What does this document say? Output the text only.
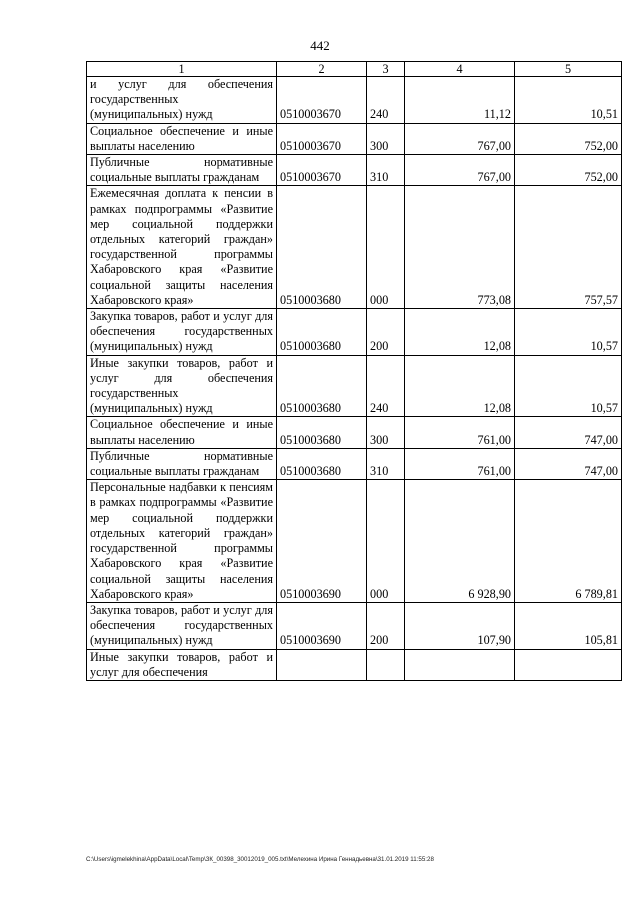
442
1	2	3	4	5
и услуг для обеспечения государственных (муниципальных) нужд	0510003670	240	11,12	10,51
Социальное обеспечение и иные выплаты населению	0510003670	300	767,00	752,00
Публичные нормативные социальные выплаты гражданам	0510003670	310	767,00	752,00
Ежемесячная доплата к пенсии в рамках подпрограммы «Развитие мер социальной поддержки отдельных категорий граждан» государственной программы Хабаровского края «Развитие социальной защиты населения Хабаровского края»	0510003680	000	773,08	757,57
Закупка товаров, работ и услуг для обеспечения государственных (муниципальных) нужд	0510003680	200	12,08	10,57
Иные закупки товаров, работ и услуг для обеспечения государственных (муниципальных) нужд	0510003680	240	12,08	10,57
Социальное обеспечение и иные выплаты населению	0510003680	300	761,00	747,00
Публичные нормативные социальные выплаты гражданам	0510003680	310	761,00	747,00
Персональные надбавки к пенсиям в рамках подпрограммы «Развитие мер социальной поддержки отдельных категорий граждан» государственной программы Хабаровского края «Развитие социальной защиты населения Хабаровского края»	0510003690	000	6 928,90	6 789,81
Закупка товаров, работ и услуг для обеспечения государственных (муниципальных) нужд	0510003690	200	107,90	105,81
Иные закупки товаров, работ и услуг для обеспечения				
C:\Users\igmelekhina\AppData\Local\Temp\ЗК_00398_30012019_005.txt\Мелехина Ирина Геннадьевна\31.01.2019 11:55:28
